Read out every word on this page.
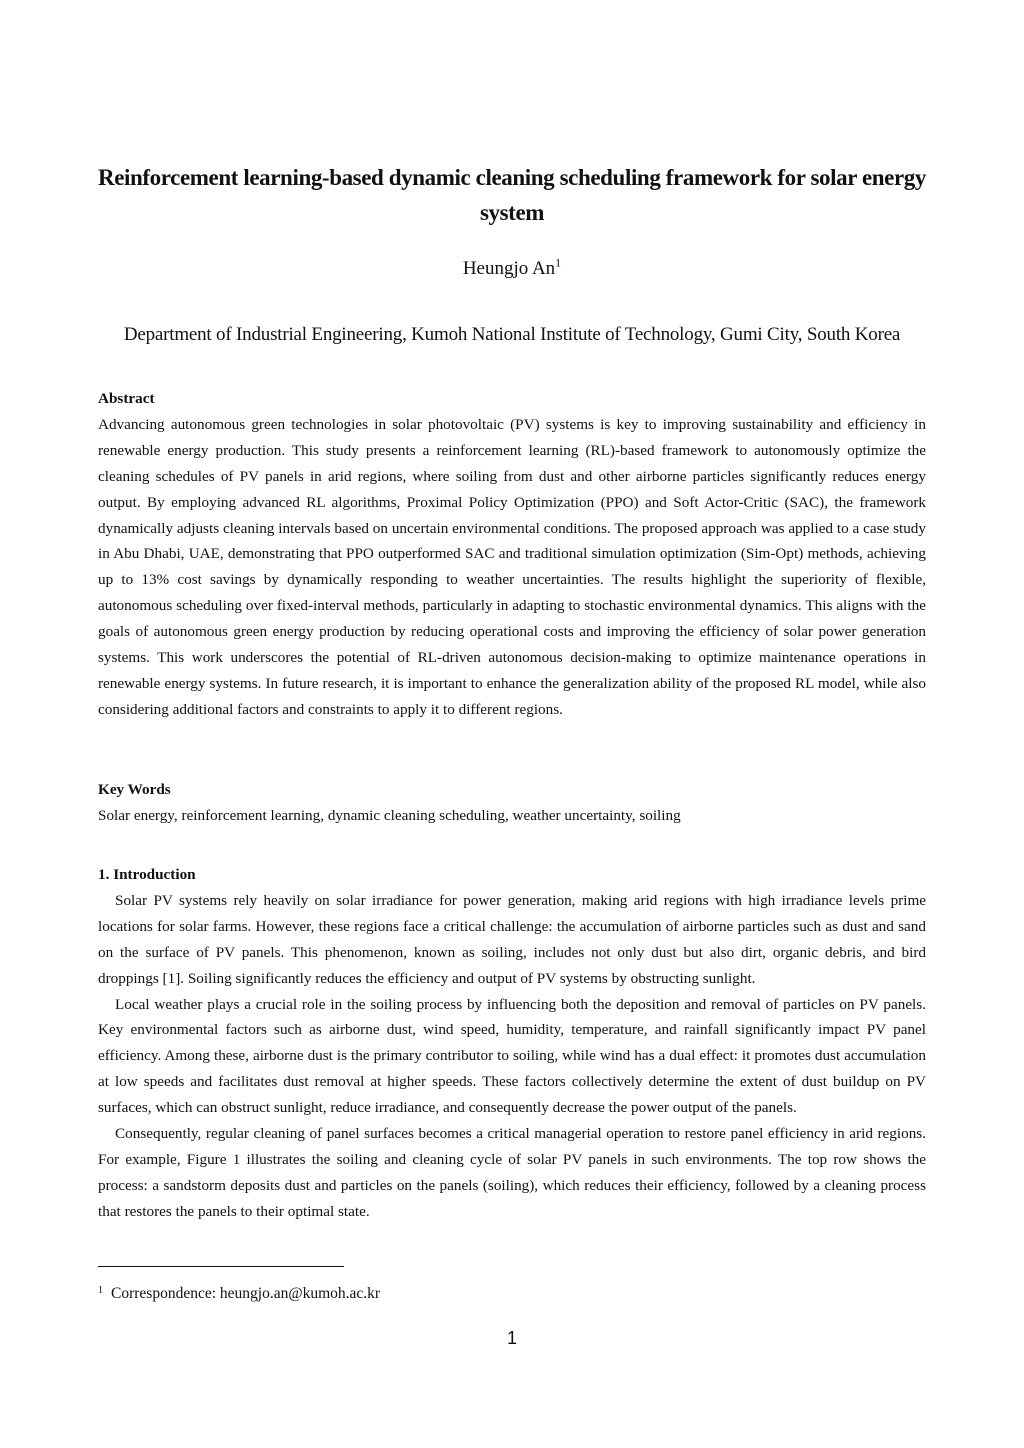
Reinforcement learning-based dynamic cleaning scheduling framework for solar energy system
Heungjo An$^1$
Department of Industrial Engineering, Kumoh National Institute of Technology, Gumi City, South Korea
Abstract

Advancing autonomous green technologies in solar photovoltaic (PV) systems is key to improving sustainability and efficiency in renewable energy production. This study presents a reinforcement learning (RL)-based framework to autonomously optimize the cleaning schedules of PV panels in arid regions, where soiling from dust and other airborne particles significantly reduces energy output. By employing advanced RL algorithms, Proximal Policy Optimization (PPO) and Soft Actor-Critic (SAC), the framework dynamically adjusts cleaning intervals based on uncertain environmental conditions. The proposed approach was applied to a case study in Abu Dhabi, UAE, demonstrating that PPO outperformed SAC and traditional simulation optimization (Sim-Opt) methods, achieving up to 13% cost savings by dynamically responding to weather uncertainties. The results highlight the superiority of flexible, autonomous scheduling over fixed-interval methods, particularly in adapting to stochastic environmental dynamics. This aligns with the goals of autonomous green energy production by reducing operational costs and improving the efficiency of solar power generation systems. This work underscores the potential of RL-driven autonomous decision-making to optimize maintenance operations in renewable energy systems. In future research, it is important to enhance the generalization ability of the proposed RL model, while also considering additional factors and constraints to apply it to different regions.

Key Words

Solar energy, reinforcement learning, dynamic cleaning scheduling, weather uncertainty, soiling

1. Introduction

Solar PV systems rely heavily on solar irradiance for power generation, making arid regions with high irradiance levels prime locations for solar farms. However, these regions face a critical challenge: the accumulation of airborne particles such as dust and sand on the surface of PV panels. This phenomenon, known as soiling, includes not only dust but also dirt, organic debris, and bird droppings [1]. Soiling significantly reduces the efficiency and output of PV systems by obstructing sunlight.

Local weather plays a crucial role in the soiling process by influencing both the deposition and removal of particles on PV panels. Key environmental factors such as airborne dust, wind speed, humidity, temperature, and rainfall significantly impact PV panel efficiency. Among these, airborne dust is the primary contributor to soiling, while wind has a dual effect: it promotes dust accumulation at low speeds and facilitates dust removal at higher speeds. These factors collectively determine the extent of dust buildup on PV surfaces, which can obstruct sunlight, reduce irradiance, and consequently decrease the power output of the panels.

Consequently, regular cleaning of panel surfaces becomes a critical managerial operation to restore panel efficiency in arid regions. For example, Figure 1 illustrates the soiling and cleaning cycle of solar PV panels in such environments. The top row shows the process: a sandstorm deposits dust and particles on the panels (soiling), which reduces their efficiency, followed by a cleaning process that restores the panels to their optimal state.

$^1$ Correspondence: heungjo.an@kumoh.ac.kr
1
